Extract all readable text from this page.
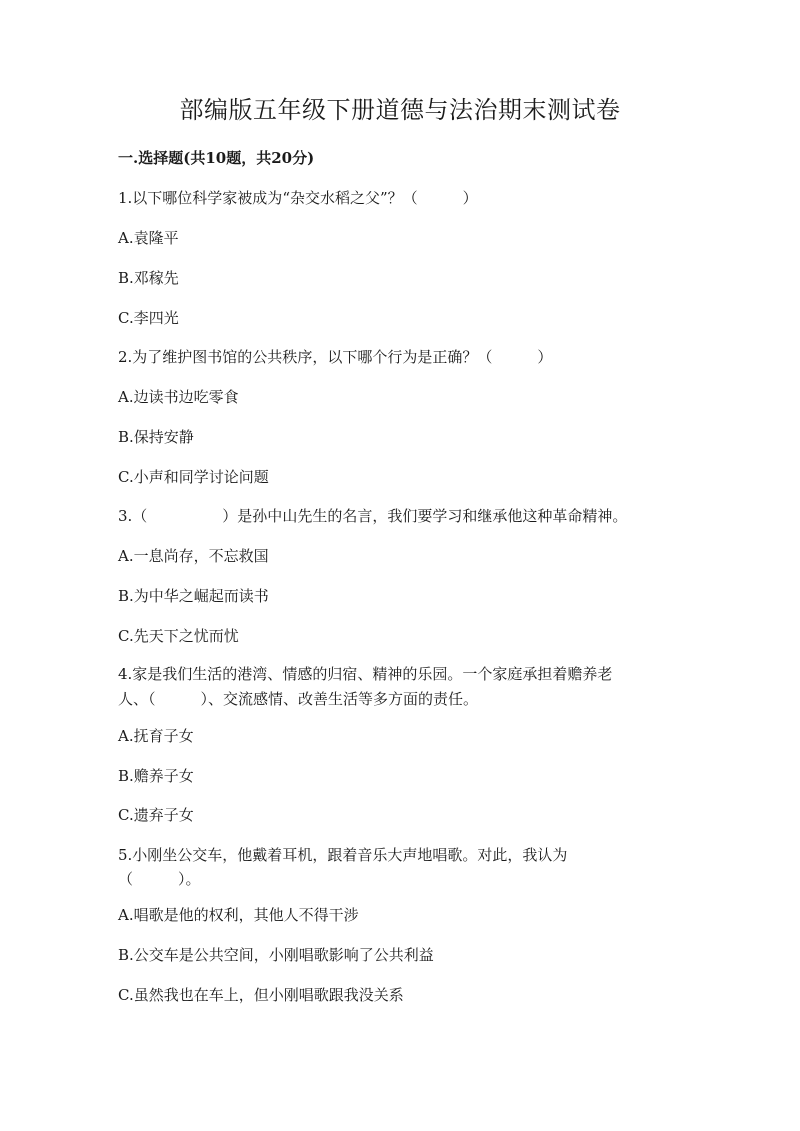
部编版五年级下册道德与法治期末测试卷
一.选择题(共10题，共20分)
1.以下哪位科学家被成为“杂交水稻之父”？（　　　）
A.袁隆平
B.邓稼先
C.李四光
2.为了维护图书馆的公共秩序，以下哪个行为是正确？（　　　）
A.边读书边吃零食
B.保持安静
C.小声和同学讨论问题
3.（　　　　　）是孙中山先生的名言，我们要学习和继承他这种革命精神。
A.一息尚存，不忘救国
B.为中华之崛起而读书
C.先天下之忧而忧
4.家是我们生活的港湾、情感的归宿、精神的乐园。一个家庭承担着赡养老
人、（　　　）、交流感情、改善生活等多方面的责任。
A.抚育子女
B.赡养子女
C.遗弃子女
5.小刚坐公交车，他戴着耳机，跟着音乐大声地唱歌。对此，我认为
（　　　）。
A.唱歌是他的权利，其他人不得干涉
B.公交车是公共空间，小刚唱歌影响了公共利益
C.虽然我也在车上，但小刚唱歌跟我没关系
